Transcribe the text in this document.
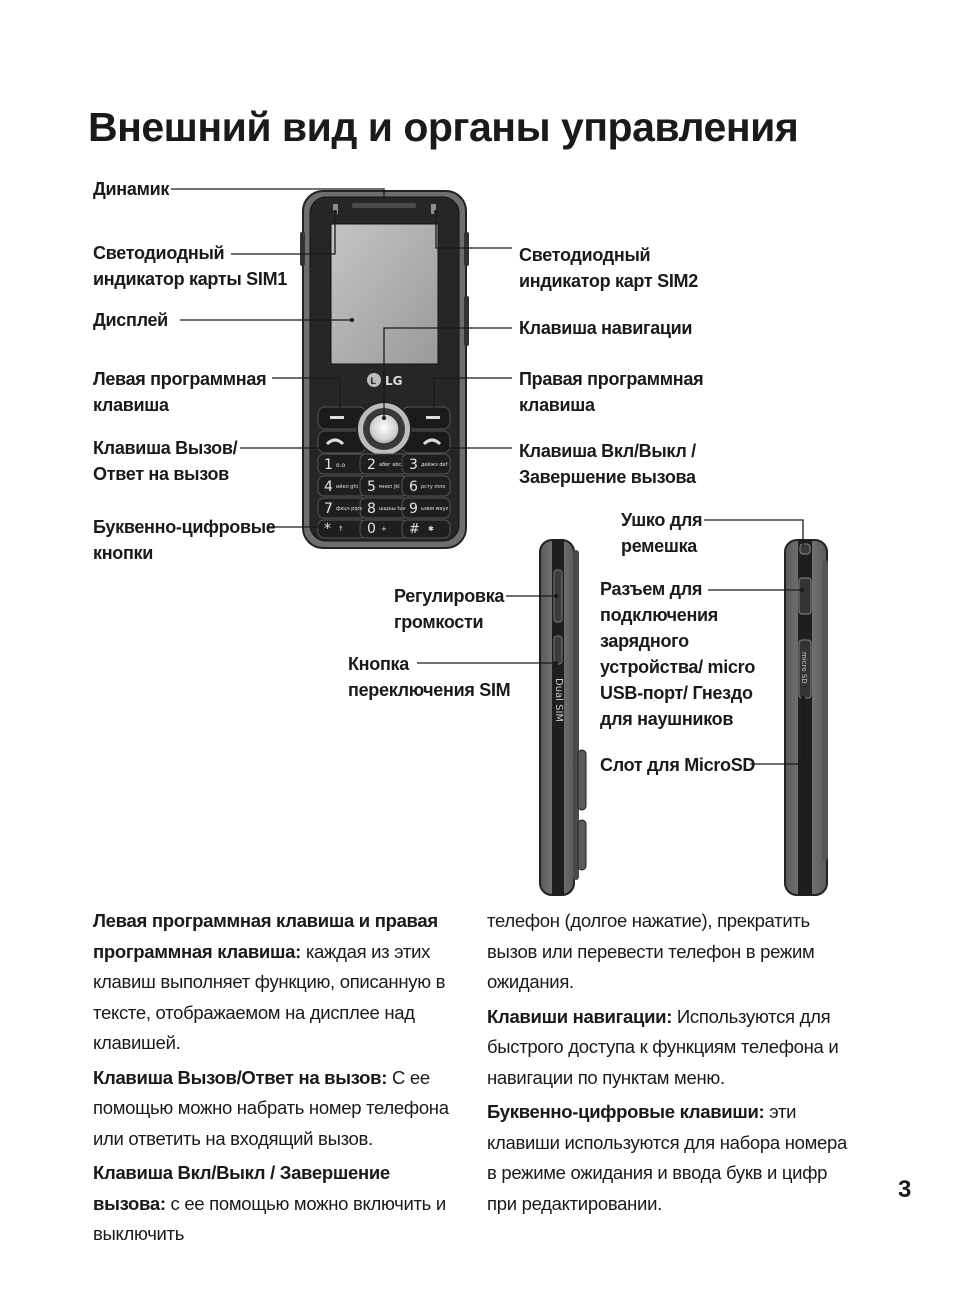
Внешний вид и органы управления
L LG
1 o.o 2 абвг abc 3 деёжз def
4 ийкл ghi 5 мноп jkl 6 рсту mno
7 фхцч pqrs 8 шщъы tuv 9 ьэюя wxyz
* ↑ 0 + # ✱
Dual SIM
micro SD
Динамик
Светодиодный
индикатор карты SIM1
Светодиодный
индикатор карт SIM2
Дисплей	Клавиша навигации
Левая программная
клавиша
Правая программная
клавиша
Клавиша Вызов/
Ответ на вызов
Клавиша Вкл/Выкл /
Завершение вызова
Буквенно-цифровые
кнопки
Ушко для
ремешка
Регулировка
громкости
Разъем для
подключения
зарядного
устройства/ micro
USB-порт/ Гнездо
для наушников
Кнопка
переключения SIM
Слот для MicroSD
Левая программная клавиша и правая программная клавиша: каждая из этих клавиш выполняет функцию, описанную в тексте, отображаемом на дисплее над клавишей.
Клавиша Вызов/Ответ на вызов: С ее помощью можно набрать номер телефона или ответить на входящий вызов.
Клавиша Вкл/Выкл / Завершение вызова: с ее помощью можно включить и выключить
телефон (долгое нажатие), прекратить вызов или перевести телефон в режим ожидания.
Клавиши навигации: Используются для быстрого доступа к функциям телефона и навигации по пунктам меню.
Буквенно-цифровые клавиши: эти клавиши используются для набора номера в режиме ожидания и ввода букв и цифр при редактировании.	3
